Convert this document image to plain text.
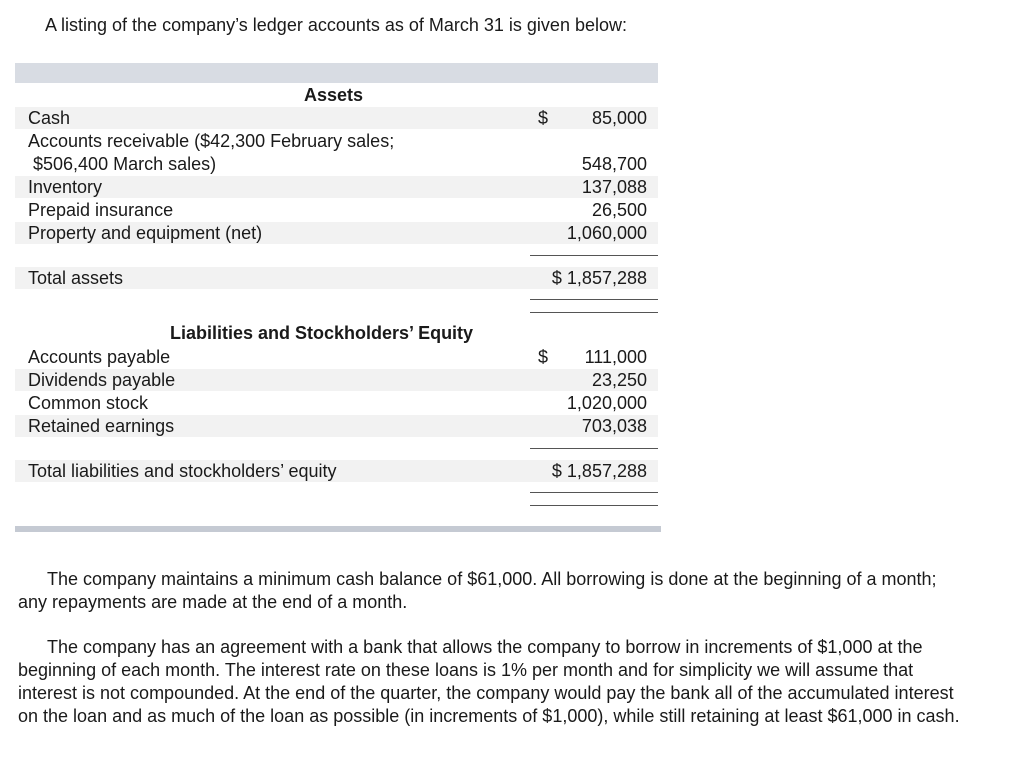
A listing of the company’s ledger accounts as of March 31 is given below:
Assets
Cash	$ 85,000
Accounts receivable ($42,300 February sales;
$506,400 March sales)	548,700
Inventory	137,088
Prepaid insurance	26,500
Property and equipment (net)	1,060,000
Total assets	$ 1,857,288
Liabilities and Stockholders’ Equity
Accounts payable	$ 111,000
Dividends payable	23,250
Common stock	1,020,000
Retained earnings	703,038
Total liabilities and stockholders’ equity	$ 1,857,288
The company maintains a minimum cash balance of $61,000. All borrowing is done at the beginning of a month; any repayments are made at the end of a month.
The company has an agreement with a bank that allows the company to borrow in increments of $1,000 at the beginning of each month. The interest rate on these loans is 1% per month and for simplicity we will assume that interest is not compounded. At the end of the quarter, the company would pay the bank all of the accumulated interest on the loan and as much of the loan as possible (in increments of $1,000), while still retaining at least $61,000 in cash.
